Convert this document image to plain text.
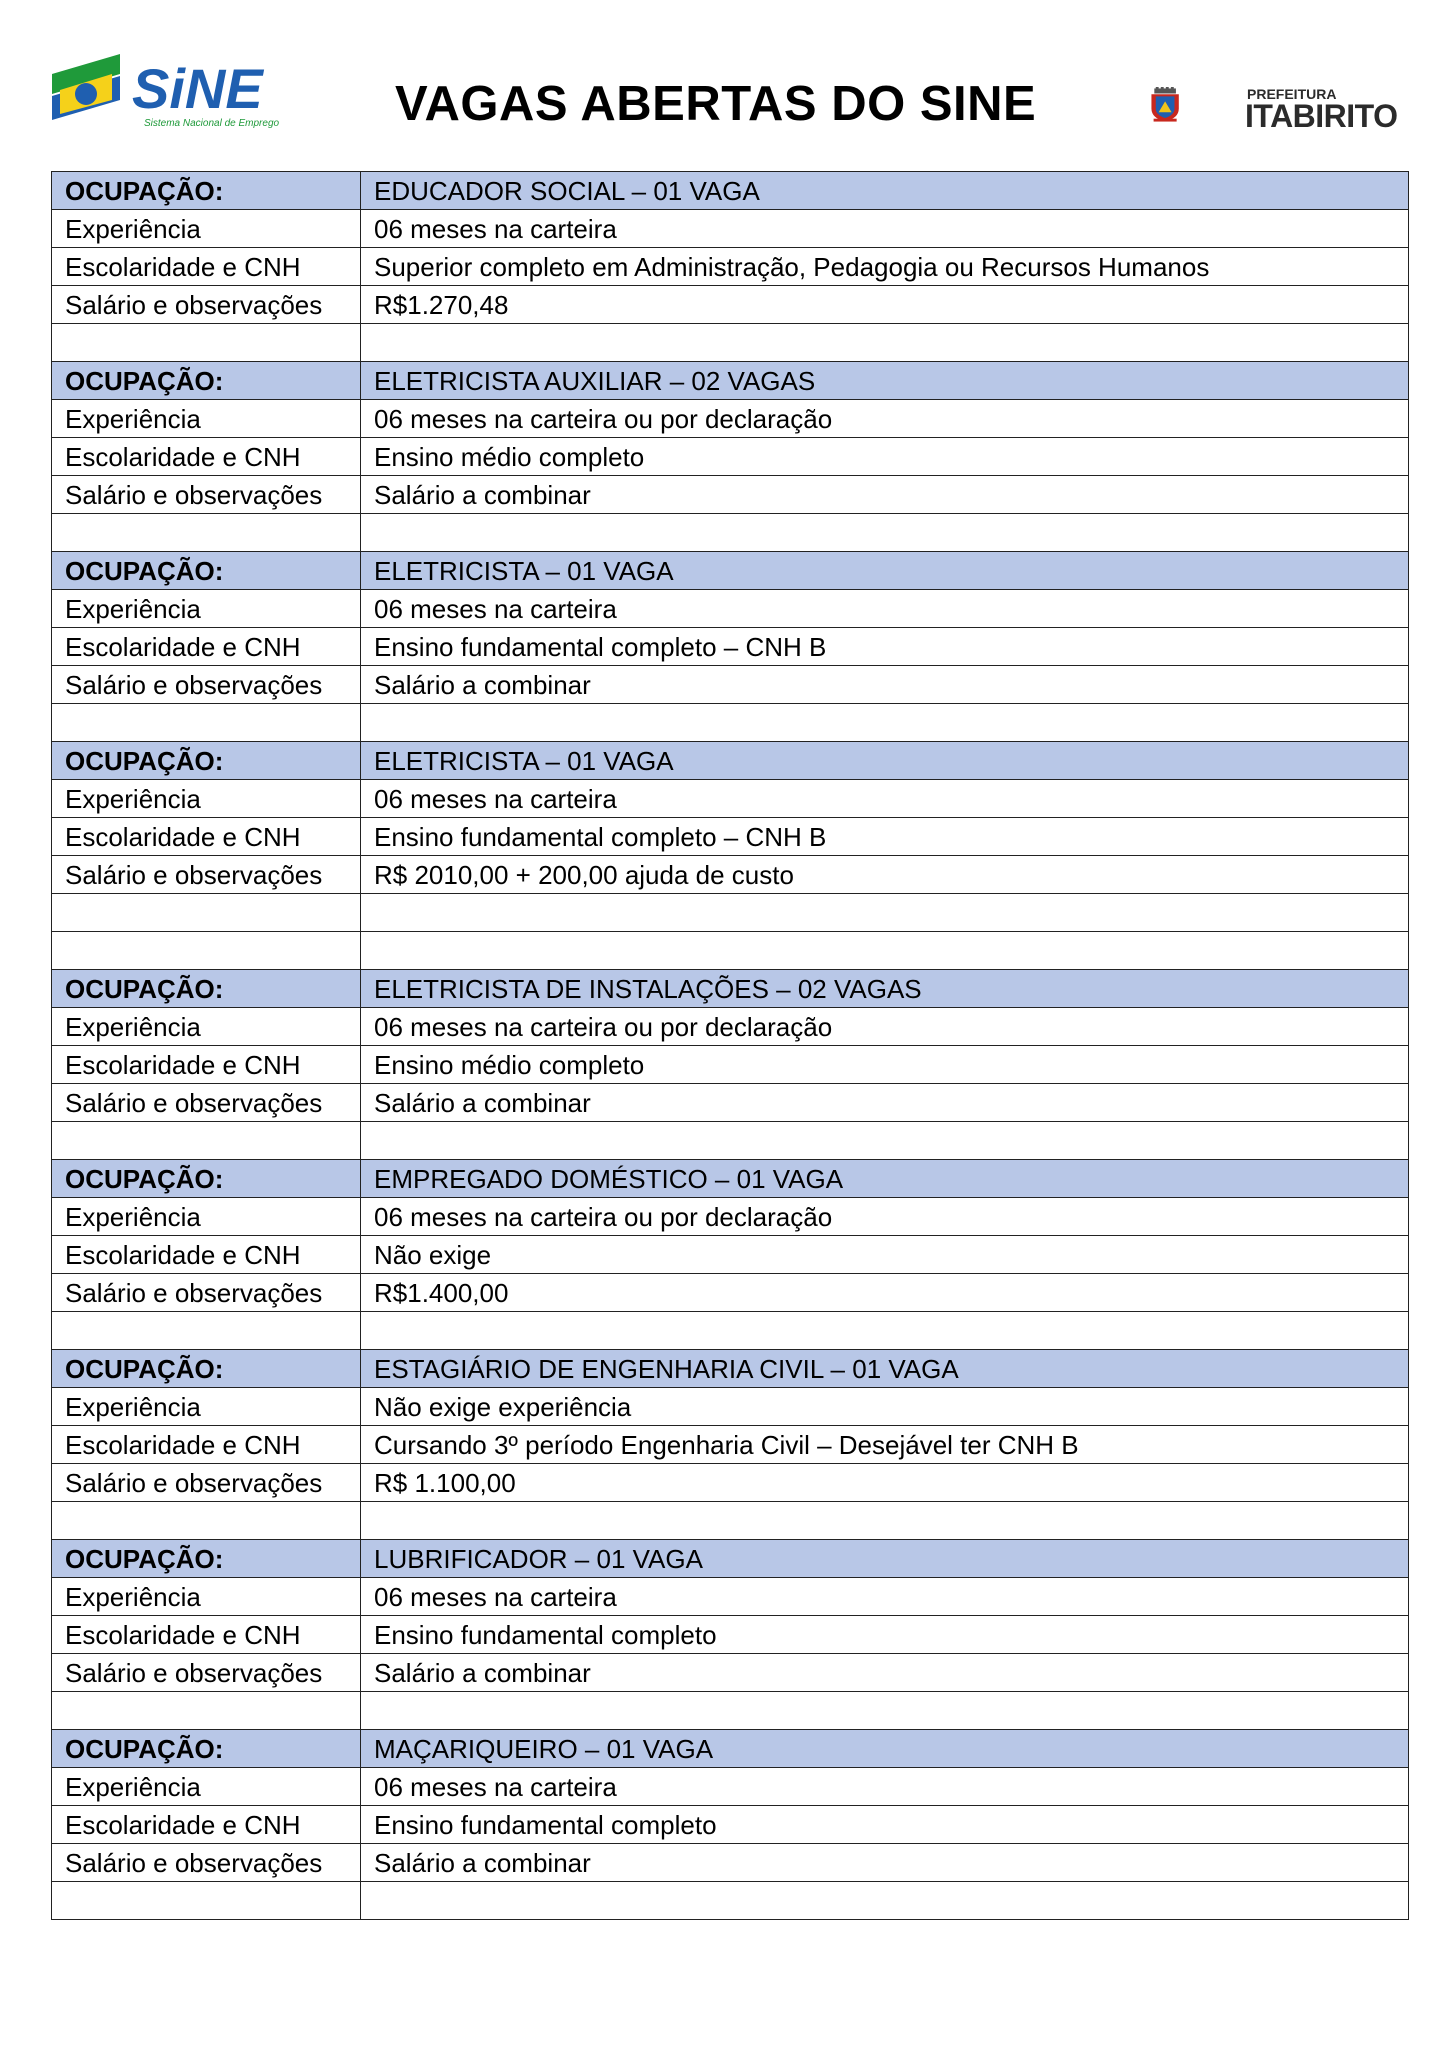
SiNE
Sistema Nacional de Emprego VAGAS ABERTAS DO SINE	PREFEITURA
ITABIRITO
OCUPAÇÃO:	EDUCADOR SOCIAL – 01 VAGA
Experiência	06 meses na carteira
Escolaridade e CNH	Superior completo em Administração, Pedagogia ou Recursos Humanos
Salário e observações	R$1.270,48

OCUPAÇÃO:	ELETRICISTA AUXILIAR – 02 VAGAS
Experiência	06 meses na carteira ou por declaração
Escolaridade e CNH	Ensino médio completo
Salário e observações	Salário a combinar

OCUPAÇÃO:	ELETRICISTA – 01 VAGA
Experiência	06 meses na carteira
Escolaridade e CNH	Ensino fundamental completo – CNH B
Salário e observações	Salário a combinar

OCUPAÇÃO:	ELETRICISTA – 01 VAGA
Experiência	06 meses na carteira
Escolaridade e CNH	Ensino fundamental completo – CNH B
Salário e observações	R$ 2010,00 + 200,00 ajuda de custo

OCUPAÇÃO:	ELETRICISTA DE INSTALAÇÕES – 02 VAGAS
Experiência	06 meses na carteira ou por declaração
Escolaridade e CNH	Ensino médio completo
Salário e observações	Salário a combinar

OCUPAÇÃO:	EMPREGADO DOMÉSTICO – 01 VAGA
Experiência	06 meses na carteira ou por declaração
Escolaridade e CNH	Não exige
Salário e observações	R$1.400,00

OCUPAÇÃO:	ESTAGIÁRIO DE ENGENHARIA CIVIL – 01 VAGA
Experiência	Não exige experiência
Escolaridade e CNH	Cursando 3º período Engenharia Civil – Desejável ter CNH B
Salário e observações	R$ 1.100,00

OCUPAÇÃO:	LUBRIFICADOR – 01 VAGA
Experiência	06 meses na carteira
Escolaridade e CNH	Ensino fundamental completo
Salário e observações	Salário a combinar

OCUPAÇÃO:	MAÇARIQUEIRO – 01 VAGA
Experiência	06 meses na carteira
Escolaridade e CNH	Ensino fundamental completo
Salário e observações	Salário a combinar
